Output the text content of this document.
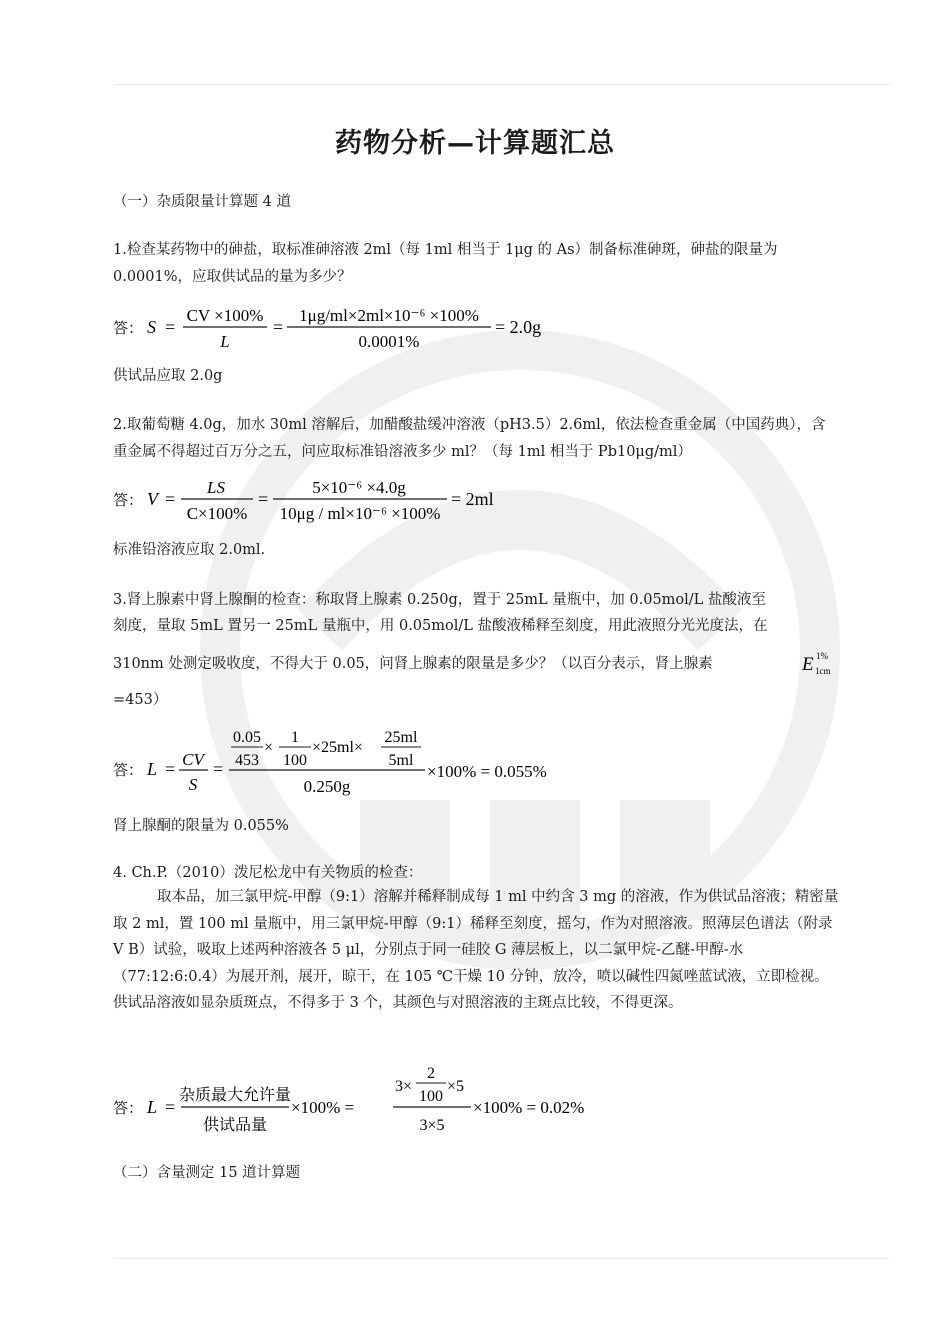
药物分析—计算题汇总
（一）杂质限量计算题 4 道
1.检查某药物中的砷盐，取标准砷溶液 2ml（每 1ml 相当于 1μg 的 As）制备标准砷斑，砷盐的限量为 0.0001%，应取供试品的量为多少？
答： S =
CV ×100%
L
=
1μg/ml×2ml×10⁻⁶ ×100%
0.0001%
= 2.0g
供试品应取 2.0g
2.取葡萄糖 4.0g，加水 30ml 溶解后，加醋酸盐缓冲溶液（pH3.5）2.6ml，依法检查重金属（中国药典），含重金属不得超过百万分之五，问应取标准铅溶液多少 ml？（每 1ml 相当于 Pb10μg/ml）
答： V =
LS
C×100%
=
5×10⁻⁶ ×4.0g
10μg / ml×10⁻⁶ ×100%
= 2ml
标准铅溶液应取 2.0ml.
3.肾上腺素中肾上腺酮的检查：称取肾上腺素 0.250g，置于 25mL 量瓶中，加 0.05mol/L 盐酸液至
刻度，量取 5mL 置另一 25mL 量瓶中，用 0.05mol/L 盐酸液稀释至刻度，用此液照分光光度法，在
310nm 处测定吸收度，不得大于 0.05，问肾上腺素的限量是多少？（以百分表示，肾上腺素	E 1%
1cm
=453）
答： L = CV
S
=
0.05
453
×
1
100
×25ml×
25ml
5ml
0.250g
×100% = 0.055%
肾上腺酮的限量为 0.055%
4. Ch.P.（2010）泼尼松龙中有关物质的检查：
取本品，加三氯甲烷-甲醇（9:1）溶解并稀释制成每 1 ml 中约含 3 mg 的溶液，作为供试品溶液；精密量取 2 ml，置 100 ml 量瓶中，用三氯甲烷-甲醇（9:1）稀释至刻度，摇匀，作为对照溶液。照薄层色谱法（附录 V B）试验，吸取上述两种溶液各 5 μl，分别点于同一硅胶 G 薄层板上，以二氯甲烷-乙醚-甲醇-水（77:12:6:0.4）为展开剂，展开，晾干，在 105 ℃干燥 10 分钟，放冷，喷以碱性四氮唑蓝试液，立即检视。供试品溶液如显杂质斑点，不得多于 3 个，其颜色与对照溶液的主斑点比较，不得更深。
答： L =
杂质最大允许量
供试品量
×100% =
3×
2
100
×5
3×5
×100% = 0.02%
（二）含量测定 15 道计算题
